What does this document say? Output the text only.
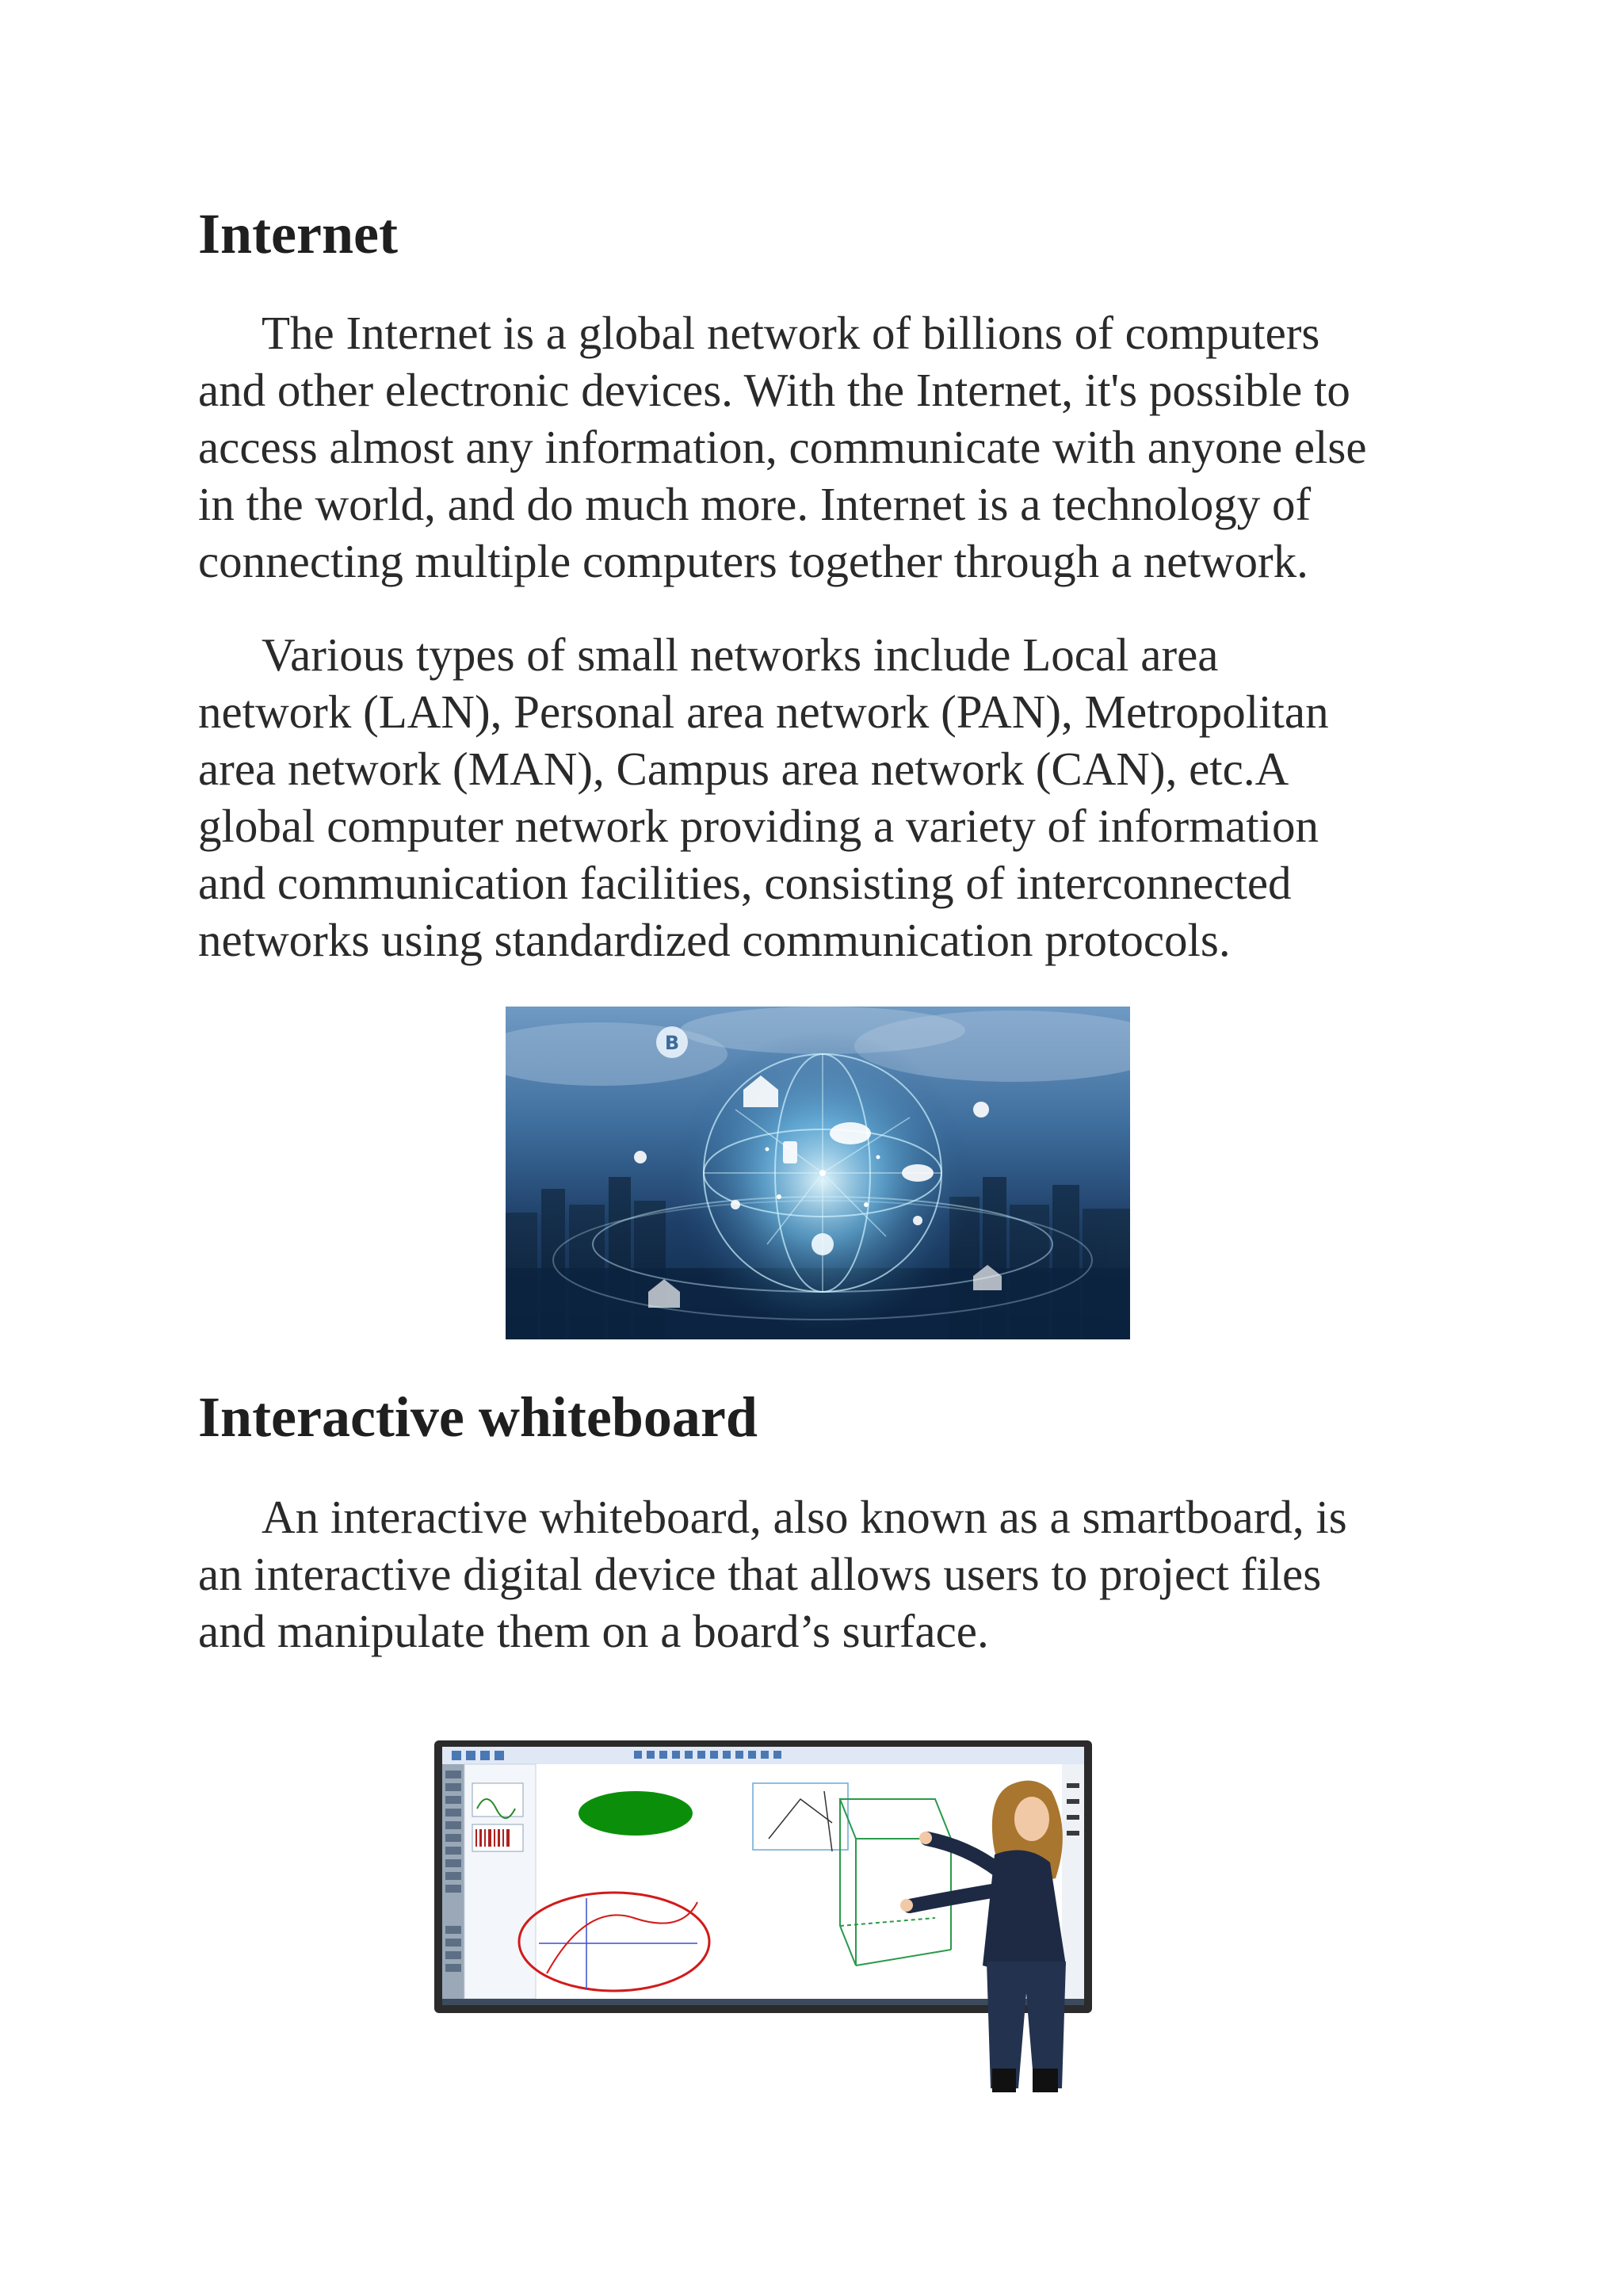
Internet

The Internet is a global network of billions of computers
and other electronic devices. With the Internet, it's possible to
access almost any information, communicate with anyone else
in the world, and do much more. Internet is a technology of
connecting multiple computers together through a network.

Various types of small networks include Local area
network (LAN), Personal area network (PAN), Metropolitan
area network (MAN), Campus area network (CAN), etc.A
global computer network providing a variety of information
and communication facilities, consisting of interconnected
networks using standardized communication protocols.

B
Interactive whiteboard

An interactive whiteboard, also known as a smartboard, is
an interactive digital device that allows users to project files
and manipulate them on a board’s surface.
